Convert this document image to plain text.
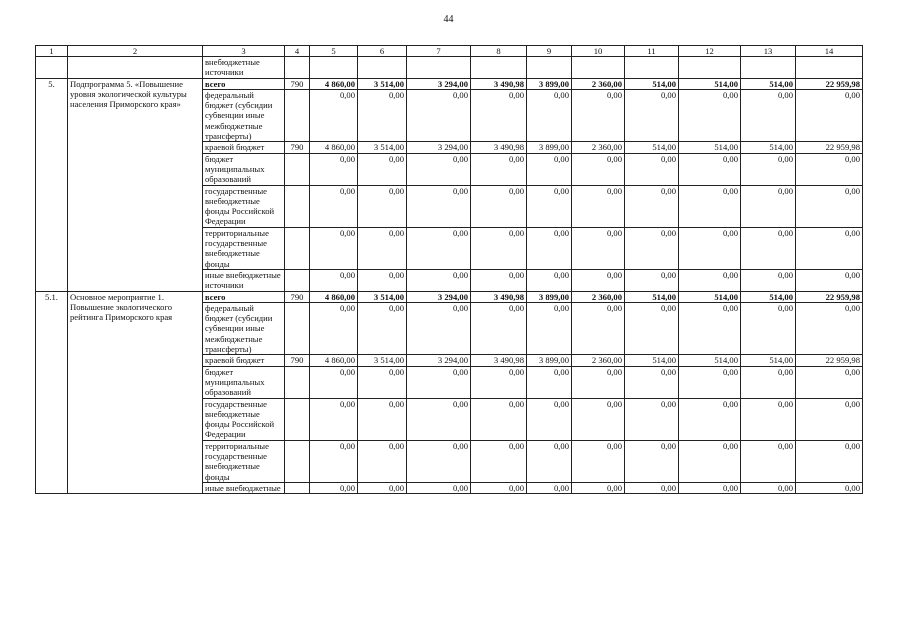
44
1	2	3	4	5	6	7	8	9	10	11	12	13	14
		внебюджетные источники											
5.	Подпрограмма 5. «Повышение уровня экологической культуры населения Приморского края»	всего	790	4 860,00	3 514,00	3 294,00	3 490,98	3 899,00	2 360,00	514,00	514,00	514,00	22 959,98
		федеральный бюджет (субсидии субвенции иные межбюджетные трансферты)		0,00	0,00	0,00	0,00	0,00	0,00	0,00	0,00	0,00	0,00
		краевой бюджет	790	4 860,00	3 514,00	3 294,00	3 490,98	3 899,00	2 360,00	514,00	514,00	514,00	22 959,98
		бюджет муниципальных образований		0,00	0,00	0,00	0,00	0,00	0,00	0,00	0,00	0,00	0,00
		государственные внебюджетные фонды Российской Федерации		0,00	0,00	0,00	0,00	0,00	0,00	0,00	0,00	0,00	0,00
		территориальные государственные внебюджетные фонды		0,00	0,00	0,00	0,00	0,00	0,00	0,00	0,00	0,00	0,00
		иные внебюджетные источники		0,00	0,00	0,00	0,00	0,00	0,00	0,00	0,00	0,00	0,00
5.1.	Основное мероприятие 1. Повышение экологического рейтинга Приморского края	всего	790	4 860,00	3 514,00	3 294,00	3 490,98	3 899,00	2 360,00	514,00	514,00	514,00	22 959,98
		федеральный бюджет (субсидии субвенции иные межбюджетные трансферты)		0,00	0,00	0,00	0,00	0,00	0,00	0,00	0,00	0,00	0,00
		краевой бюджет	790	4 860,00	3 514,00	3 294,00	3 490,98	3 899,00	2 360,00	514,00	514,00	514,00	22 959,98
		бюджет муниципальных образований		0,00	0,00	0,00	0,00	0,00	0,00	0,00	0,00	0,00	0,00
		государственные внебюджетные фонды Российской Федерации		0,00	0,00	0,00	0,00	0,00	0,00	0,00	0,00	0,00	0,00
		территориальные государственные внебюджетные фонды		0,00	0,00	0,00	0,00	0,00	0,00	0,00	0,00	0,00	0,00
		иные внебюджетные		0,00	0,00	0,00	0,00	0,00	0,00	0,00	0,00	0,00	0,00
